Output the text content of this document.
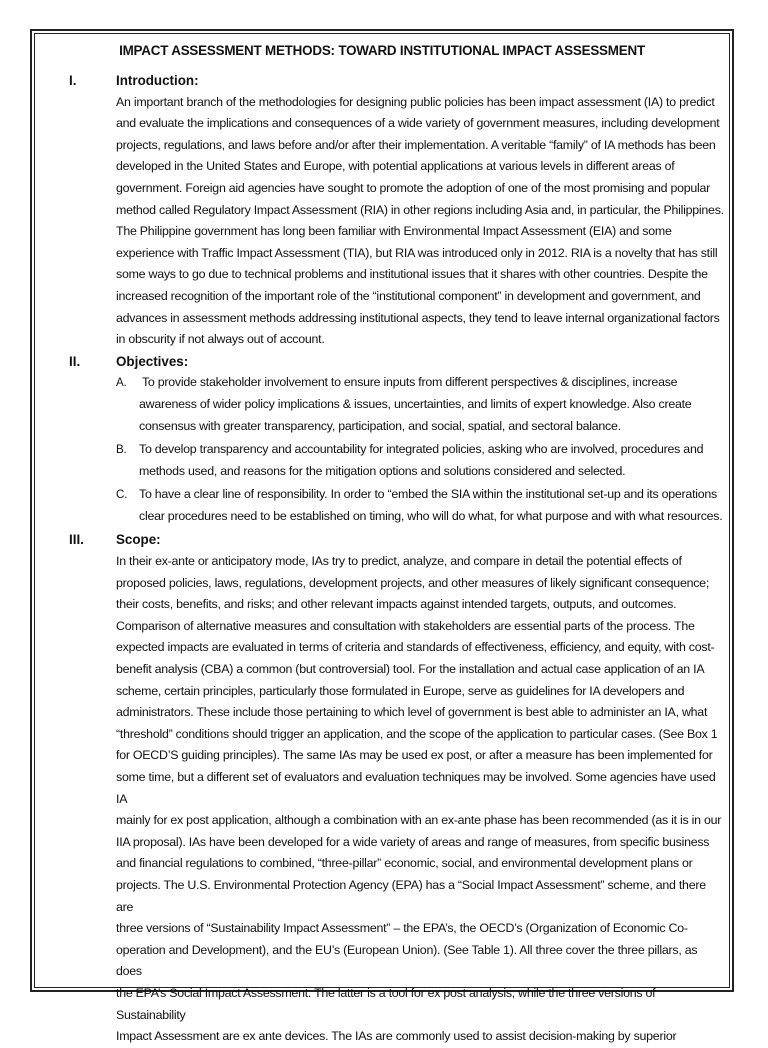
IMPACT ASSESSMENT METHODS: TOWARD INSTITUTIONAL IMPACT ASSESSMENT
I.	Introduction:
An important branch of the methodologies for designing public policies has been impact assessment (IA) to predict
and evaluate the implications and consequences of a wide variety of government measures, including development
projects, regulations, and laws before and/or after their implementation. A veritable “family” of IA methods has been
developed in the United States and Europe, with potential applications at various levels in different areas of
government. Foreign aid agencies have sought to promote the adoption of one of the most promising and popular
method called Regulatory Impact Assessment (RIA) in other regions including Asia and, in particular, the Philippines.
The Philippine government has long been familiar with Environmental Impact Assessment (EIA) and some
experience with Traffic Impact Assessment (TIA), but RIA was introduced only in 2012. RIA is a novelty that has still
some ways to go due to technical problems and institutional issues that it shares with other countries. Despite the
increased recognition of the important role of the “institutional component” in development and government, and
advances in assessment methods addressing institutional aspects, they tend to leave internal organizational factors
in obscurity if not always out of account.
II.	Objectives:
A.	To provide stakeholder involvement to ensure inputs from different perspectives & disciplines, increase
awareness of wider policy implications & issues, uncertainties, and limits of expert knowledge. Also create
consensus with greater transparency, participation, and social, spatial, and sectoral balance.
B.	To develop transparency and accountability for integrated policies, asking who are involved, procedures and
methods used, and reasons for the mitigation options and solutions considered and selected.
C. To have a clear line of responsibility. In order to “embed the SIA within the institutional set-up and its operations
clear procedures need to be established on timing, who will do what, for what purpose and with what resources.
III.	Scope:
In their ex-ante or anticipatory mode, IAs try to predict, analyze, and compare in detail the potential effects of
proposed policies, laws, regulations, development projects, and other measures of likely significant consequence;
their costs, benefits, and risks; and other relevant impacts against intended targets, outputs, and outcomes.
Comparison of alternative measures and consultation with stakeholders are essential parts of the process. The
expected impacts are evaluated in terms of criteria and standards of effectiveness, efficiency, and equity, with cost-
benefit analysis (CBA) a common (but controversial) tool. For the installation and actual case application of an IA
scheme, certain principles, particularly those formulated in Europe, serve as guidelines for IA developers and
administrators. These include those pertaining to which level of government is best able to administer an IA, what
“threshold” conditions should trigger an application, and the scope of the application to particular cases. (See Box 1
for OECD’S guiding principles). The same IAs may be used ex post, or after a measure has been implemented for
some time, but a different set of evaluators and evaluation techniques may be involved. Some agencies have used IA
mainly for ex post application, although a combination with an ex-ante phase has been recommended (as it is in our
IIA proposal). IAs have been developed for a wide variety of areas and range of measures, from specific business
and financial regulations to combined, “three-pillar” economic, social, and environmental development plans or
projects. The U.S. Environmental Protection Agency (EPA) has a “Social Impact Assessment” scheme, and there are
three versions of “Sustainability Impact Assessment” – the EPA’s, the OECD’s (Organization of Economic Co-
operation and Development), and the EU’s (European Union). (See Table 1). All three cover the three pillars, as does
the EPA’s Social Impact Assessment. The latter is a tool for ex post analysis, while the three versions of Sustainability
Impact Assessment are ex ante devices. The IAs are commonly used to assist decision-making by superior
